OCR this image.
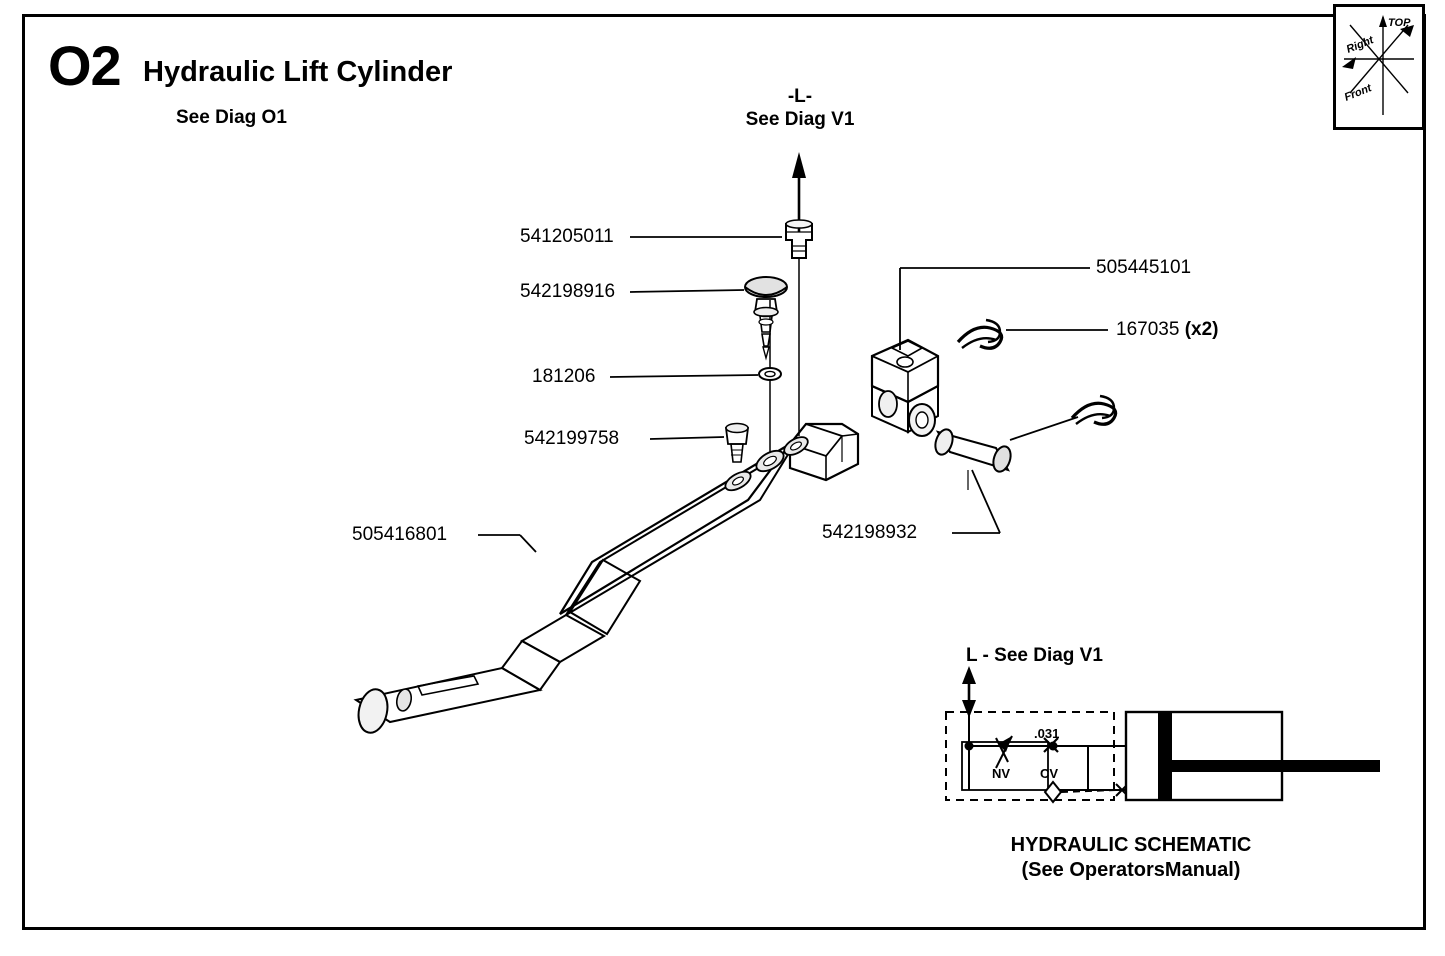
O2 Hydraulic Lift Cylinder
See Diag O1
TOP
Right
Front
-L-
See Diag V1
541205011
542198916
181206
542199758
505416801
505445101
167035 (x2)
542198932
L - See Diag V1
.031
NV CV
HYDRAULIC SCHEMATIC
(See OperatorsManual)
